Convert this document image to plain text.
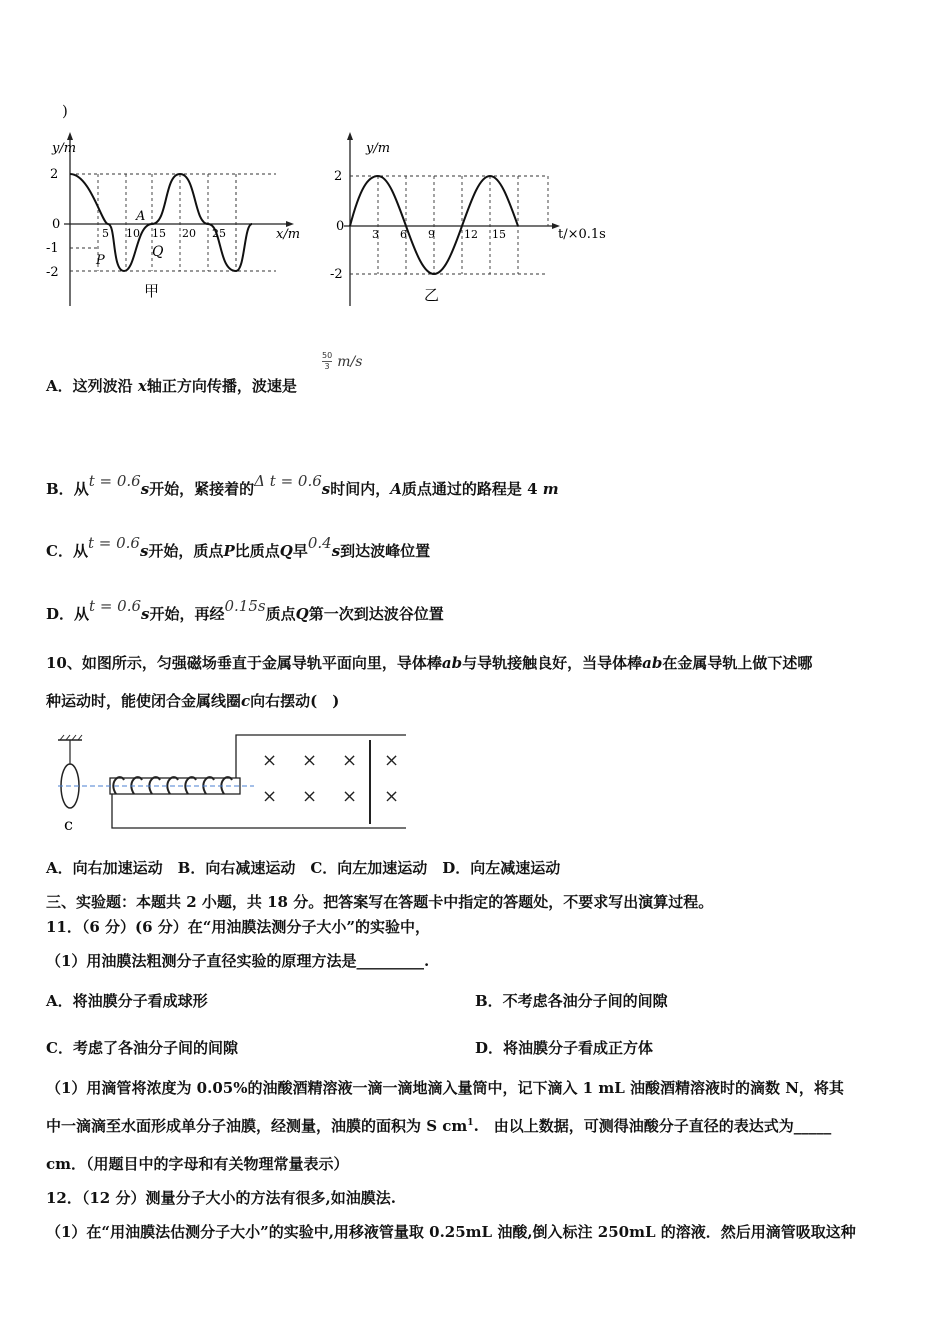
)
y/m
x/m
2
0
-1
-2
5 10 15 20 25
A
P
Q
甲
y/m
t/×0.1s
2
0
-2
3 6 9	12 15
乙
A．这列波沿 x轴正方向传播，波速是
$\frac{50}{3} m/s$
B．从t = 0.6s开始，紧接着的Δ t = 0.6s时间内，A质点通过的路程是 4 m
C．从t = 0.6s开始，质点P比质点Q早0.4s到达波峰位置
D．从t = 0.6s开始，再经0.15s质点Q第一次到达波谷位置
10、如图所示，匀强磁场垂直于金属导轨平面向里，导体棒ab与导轨接触良好，当导体棒ab在金属导轨上做下述哪
种运动时，能使闭合金属线圈c向右摆动(　)
c
× × × ×
× × × ×
A．向右加速运动　B．向右减速运动　C．向左加速运动　D．向左减速运动
三、实验题：本题共 2 小题，共 18 分。把答案写在答题卡中指定的答题处，不要求写出演算过程。
11．（6 分）(6 分）在“用油膜法测分子大小”的实验中，
（1）用油膜法粗测分子直径实验的原理方法是_________.
A．将油膜分子看成球形	B．不考虑各油分子间的间隙
C．考虑了各油分子间的间隙	D．将油膜分子看成正方体
（1）用滴管将浓度为 0.05%的油酸酒精溶液一滴一滴地滴入量筒中，记下滴入 1 mL 油酸酒精溶液时的滴数 N，将其
中一滴滴至水面形成单分子油膜，经测量，油膜的面积为 S $cm^1$.　由以上数据，可测得油酸分子直径的表达式为_____
cm．（用题目中的字母和有关物理常量表示）
12．（12 分）测量分子大小的方法有很多,如油膜法.
（1）在“用油膜法估测分子大小”的实验中,用移液管量取 0.25mL 油酸,倒入标注 250mL 的溶液．然后用滴管吸取这种
